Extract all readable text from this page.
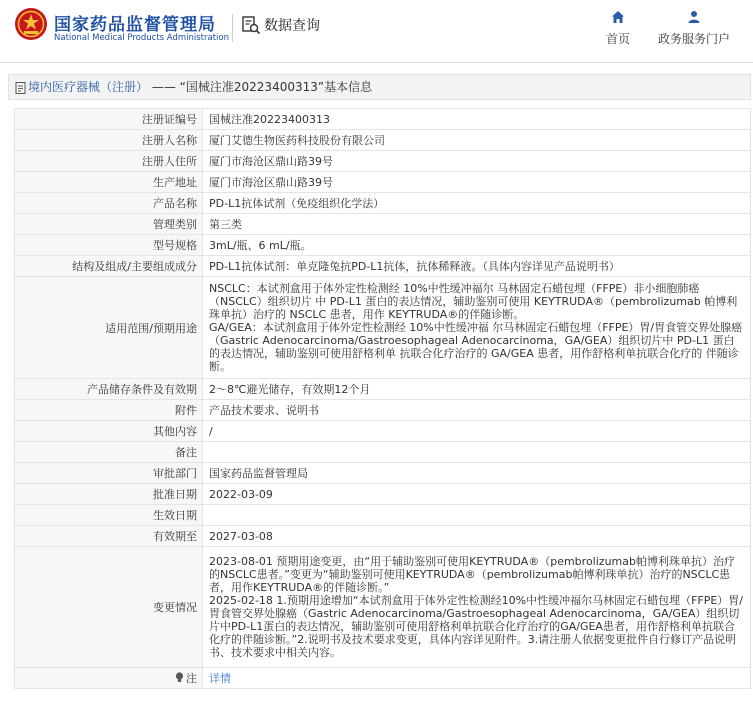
国家药品监督管理局
National Medical Products Administration
数据查询
首页 政务服务门户
境内医疗器械（注册） —— “国械注准20223400313”基本信息
注册证编号	国械注准20223400313
注册人名称	厦门艾德生物医药科技股份有限公司
注册人住所	厦门市海沧区鼎山路39号
生产地址	厦门市海沧区鼎山路39号
产品名称	PD-L1抗体试剂（免疫组织化学法）
管理类别	第三类
型号规格	3mL/瓶、6 mL/瓶。
结构及组成/主要组成成分	PD-L1抗体试剂：单克隆兔抗PD-L1抗体，抗体稀释液。（具体内容详见产品说明书）
适用范围/预期用途	NSCLC：本试剂盒用于体外定性检测经 10%中性缓冲福尔 马林固定石蜡包埋（FFPE）非小细胞肺癌（NSCLC）组织切片 中 PD-L1 蛋白的表达情况，辅助鉴别可使用 KEYTRUDA®（pembrolizumab 帕博利珠单抗）治疗的 NSCLC 患者，用作 KEYTRUDA®的伴随诊断。
GA/GEA：本试剂盒用于体外定性检测经 10%中性缓冲福 尔马林固定石蜡包埋（FFPE）胃/胃食管交界处腺癌（Gastric Adenocarcinoma/Gastroesophageal Adenocarcinoma，GA/GEA）组织切片中 PD-L1 蛋白的表达情况，辅助鉴别可使用舒格利单 抗联合化疗治疗的 GA/GEA 患者，用作舒格利单抗联合化疗的 伴随诊断。
产品储存条件及有效期	2～8℃避光储存，有效期12个月
附件	产品技术要求、说明书
其他内容	/
备注	
审批部门	国家药品监督管理局
批准日期	2022-03-09
生效日期	
有效期至	2027-03-08
变更情况	2023-08-01 预期用途变更，由“用于辅助鉴别可使用KEYTRUDA®（pembrolizumab帕博利珠单抗）治疗的NSCLC患者。”变更为“辅助鉴别可使用KEYTRUDA®（pembrolizumab帕博利珠单抗）治疗的NSCLC患者，用作KEYTRUDA®的伴随诊断。”
2025-02-18 1.预期用途增加“本试剂盒用于体外定性检测经10%中性缓冲福尔马林固定石蜡包埋（FFPE）胃/胃食管交界处腺癌（Gastric Adenocarcinoma/Gastroesophageal Adenocarcinoma，GA/GEA）组织切片中PD-L1蛋白的表达情况，辅助鉴别可使用舒格利单抗联合化疗治疗的GA/GEA患者，用作舒格利单抗联合化疗的伴随诊断。”2.说明书及技术要求变更，具体内容详见附件。3.请注册人依据变更批件自行修订产品说明书、技术要求中相关内容。

注	详情
